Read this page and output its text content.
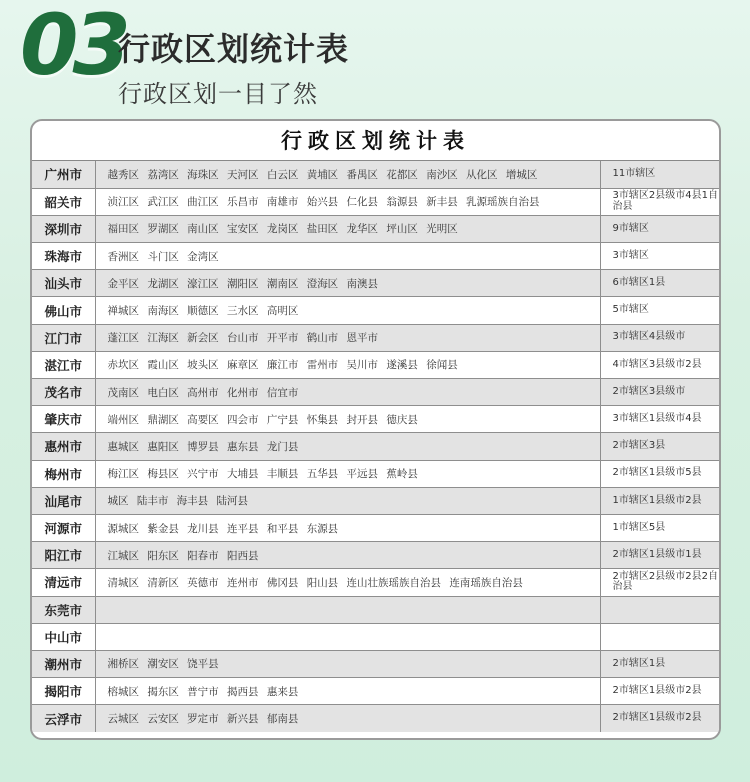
03
行政区划统计表
行政区划一目了然
行政区划统计表
广州市	越秀区 荔湾区 海珠区 天河区 白云区 黄埔区 番禺区 花都区 南沙区 从化区 增城区	11市辖区
韶关市	浈江区 武江区 曲江区 乐昌市 南雄市 始兴县 仁化县 翁源县 新丰县 乳源瑶族自治县	3市辖区2县级市4县1自治县
深圳市	福田区 罗湖区 南山区 宝安区 龙岗区 盐田区 龙华区 坪山区 光明区	9市辖区
珠海市	香洲区 斗门区 金湾区	3市辖区
汕头市	金平区 龙湖区 濠江区 潮阳区 潮南区 澄海区 南澳县	6市辖区1县
佛山市	禅城区 南海区 顺德区 三水区 高明区	5市辖区
江门市	蓬江区 江海区 新会区 台山市 开平市 鹤山市 恩平市	3市辖区4县级市
湛江市	赤坎区 霞山区 坡头区 麻章区 廉江市 雷州市 吴川市 遂溪县 徐闻县	4市辖区3县级市2县
茂名市	茂南区 电白区 高州市 化州市 信宜市	2市辖区3县级市
肇庆市	端州区 鼎湖区 高要区 四会市 广宁县 怀集县 封开县 德庆县	3市辖区1县级市4县
惠州市	惠城区 惠阳区 博罗县 惠东县 龙门县	2市辖区3县
梅州市	梅江区 梅县区 兴宁市 大埔县 丰顺县 五华县 平远县 蕉岭县	2市辖区1县级市5县
汕尾市	城区 陆丰市 海丰县 陆河县	1市辖区1县级市2县
河源市	源城区 紫金县 龙川县 连平县 和平县 东源县	1市辖区5县
阳江市	江城区 阳东区 阳春市 阳西县	2市辖区1县级市1县
清远市	清城区 清新区 英德市 连州市 佛冈县 阳山县 连山壮族瑶族自治县 连南瑶族自治县	2市辖区2县级市2县2自治县
东莞市		
中山市		
潮州市	湘桥区 潮安区 饶平县	2市辖区1县
揭阳市	榕城区 揭东区 普宁市 揭西县 惠来县	2市辖区1县级市2县
云浮市	云城区 云安区 罗定市 新兴县 郁南县	2市辖区1县级市2县
